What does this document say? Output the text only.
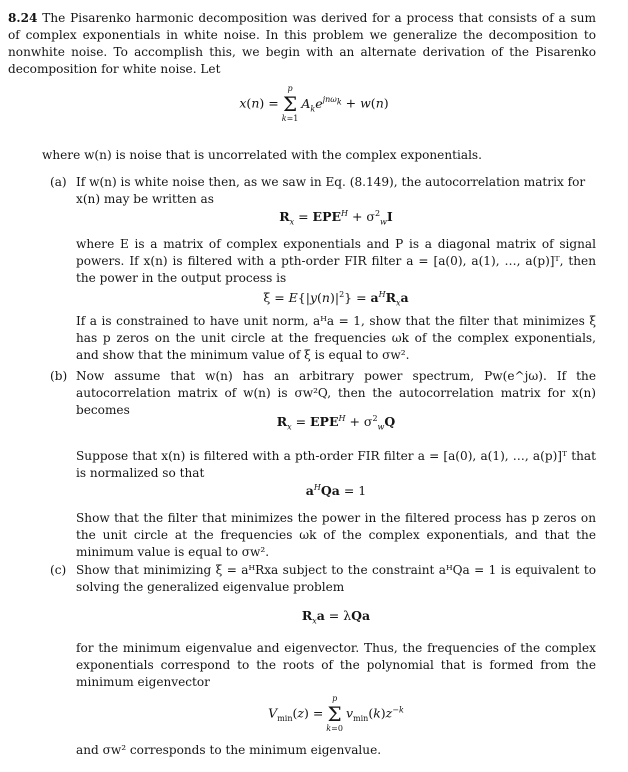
8.24 The Pisarenko harmonic decomposition was derived for a process that consists of a sum of complex exponentials in white noise. In this problem we generalize the decomposition to nonwhite noise. To accomplish this, we begin with an alternate derivation of the Pisarenko decomposition for white noise. Let

x(n) =
p
Σ
k=1
$A_ke^{jn\omega_k} + w(n)$

where w(n) is noise that is uncorrelated with the complex exponentials.

(a) If w(n) is white noise then, as we saw in Eq. (8.149), the autocorrelation matrix for x(n) may be written as

$R_x = EPE^H + \sigma^2_wI$

where E is a matrix of complex exponentials and P is a diagonal matrix of signal powers. If x(n) is filtered with a pth-order FIR filter a = [a(0), a(1), …, a(p)]ᵀ, then the power in the output process is

$\xi = E\{|y(n)|^2\} = a^HR_xa$

If a is constrained to have unit norm, aᴴa = 1, show that the filter that minimizes ξ has p zeros on the unit circle at the frequencies ωk of the complex exponentials, and show that the minimum value of ξ is equal to σw².

(b) Now assume that w(n) has an arbitrary power spectrum, Pw(e^jω). If the autocorrelation matrix of w(n) is σw²Q, then the autocorrelation matrix for x(n) becomes

$R_x = EPE^H + \sigma^2_wQ$

Suppose that x(n) is filtered with a pth-order FIR filter a = [a(0), a(1), …, a(p)]ᵀ that is normalized so that

$a^HQa = 1$

Show that the filter that minimizes the power in the filtered process has p zeros on the unit circle at the frequencies ωk of the complex exponentials, and that the minimum value is equal to σw².

(c) Show that minimizing ξ = aᴴRxa subject to the constraint aᴴQa = 1 is equivalent to solving the generalized eigenvalue problem

$R_xa = \lambda Qa$

for the minimum eigenvalue and eigenvector. Thus, the frequencies of the complex exponentials correspond to the roots of the polynomial that is formed from the minimum eigenvector

$V_{min}(z)$ =
p
Σ
k=0
$v_{min}(k)z^{-k}$

and σw² corresponds to the minimum eigenvalue.
